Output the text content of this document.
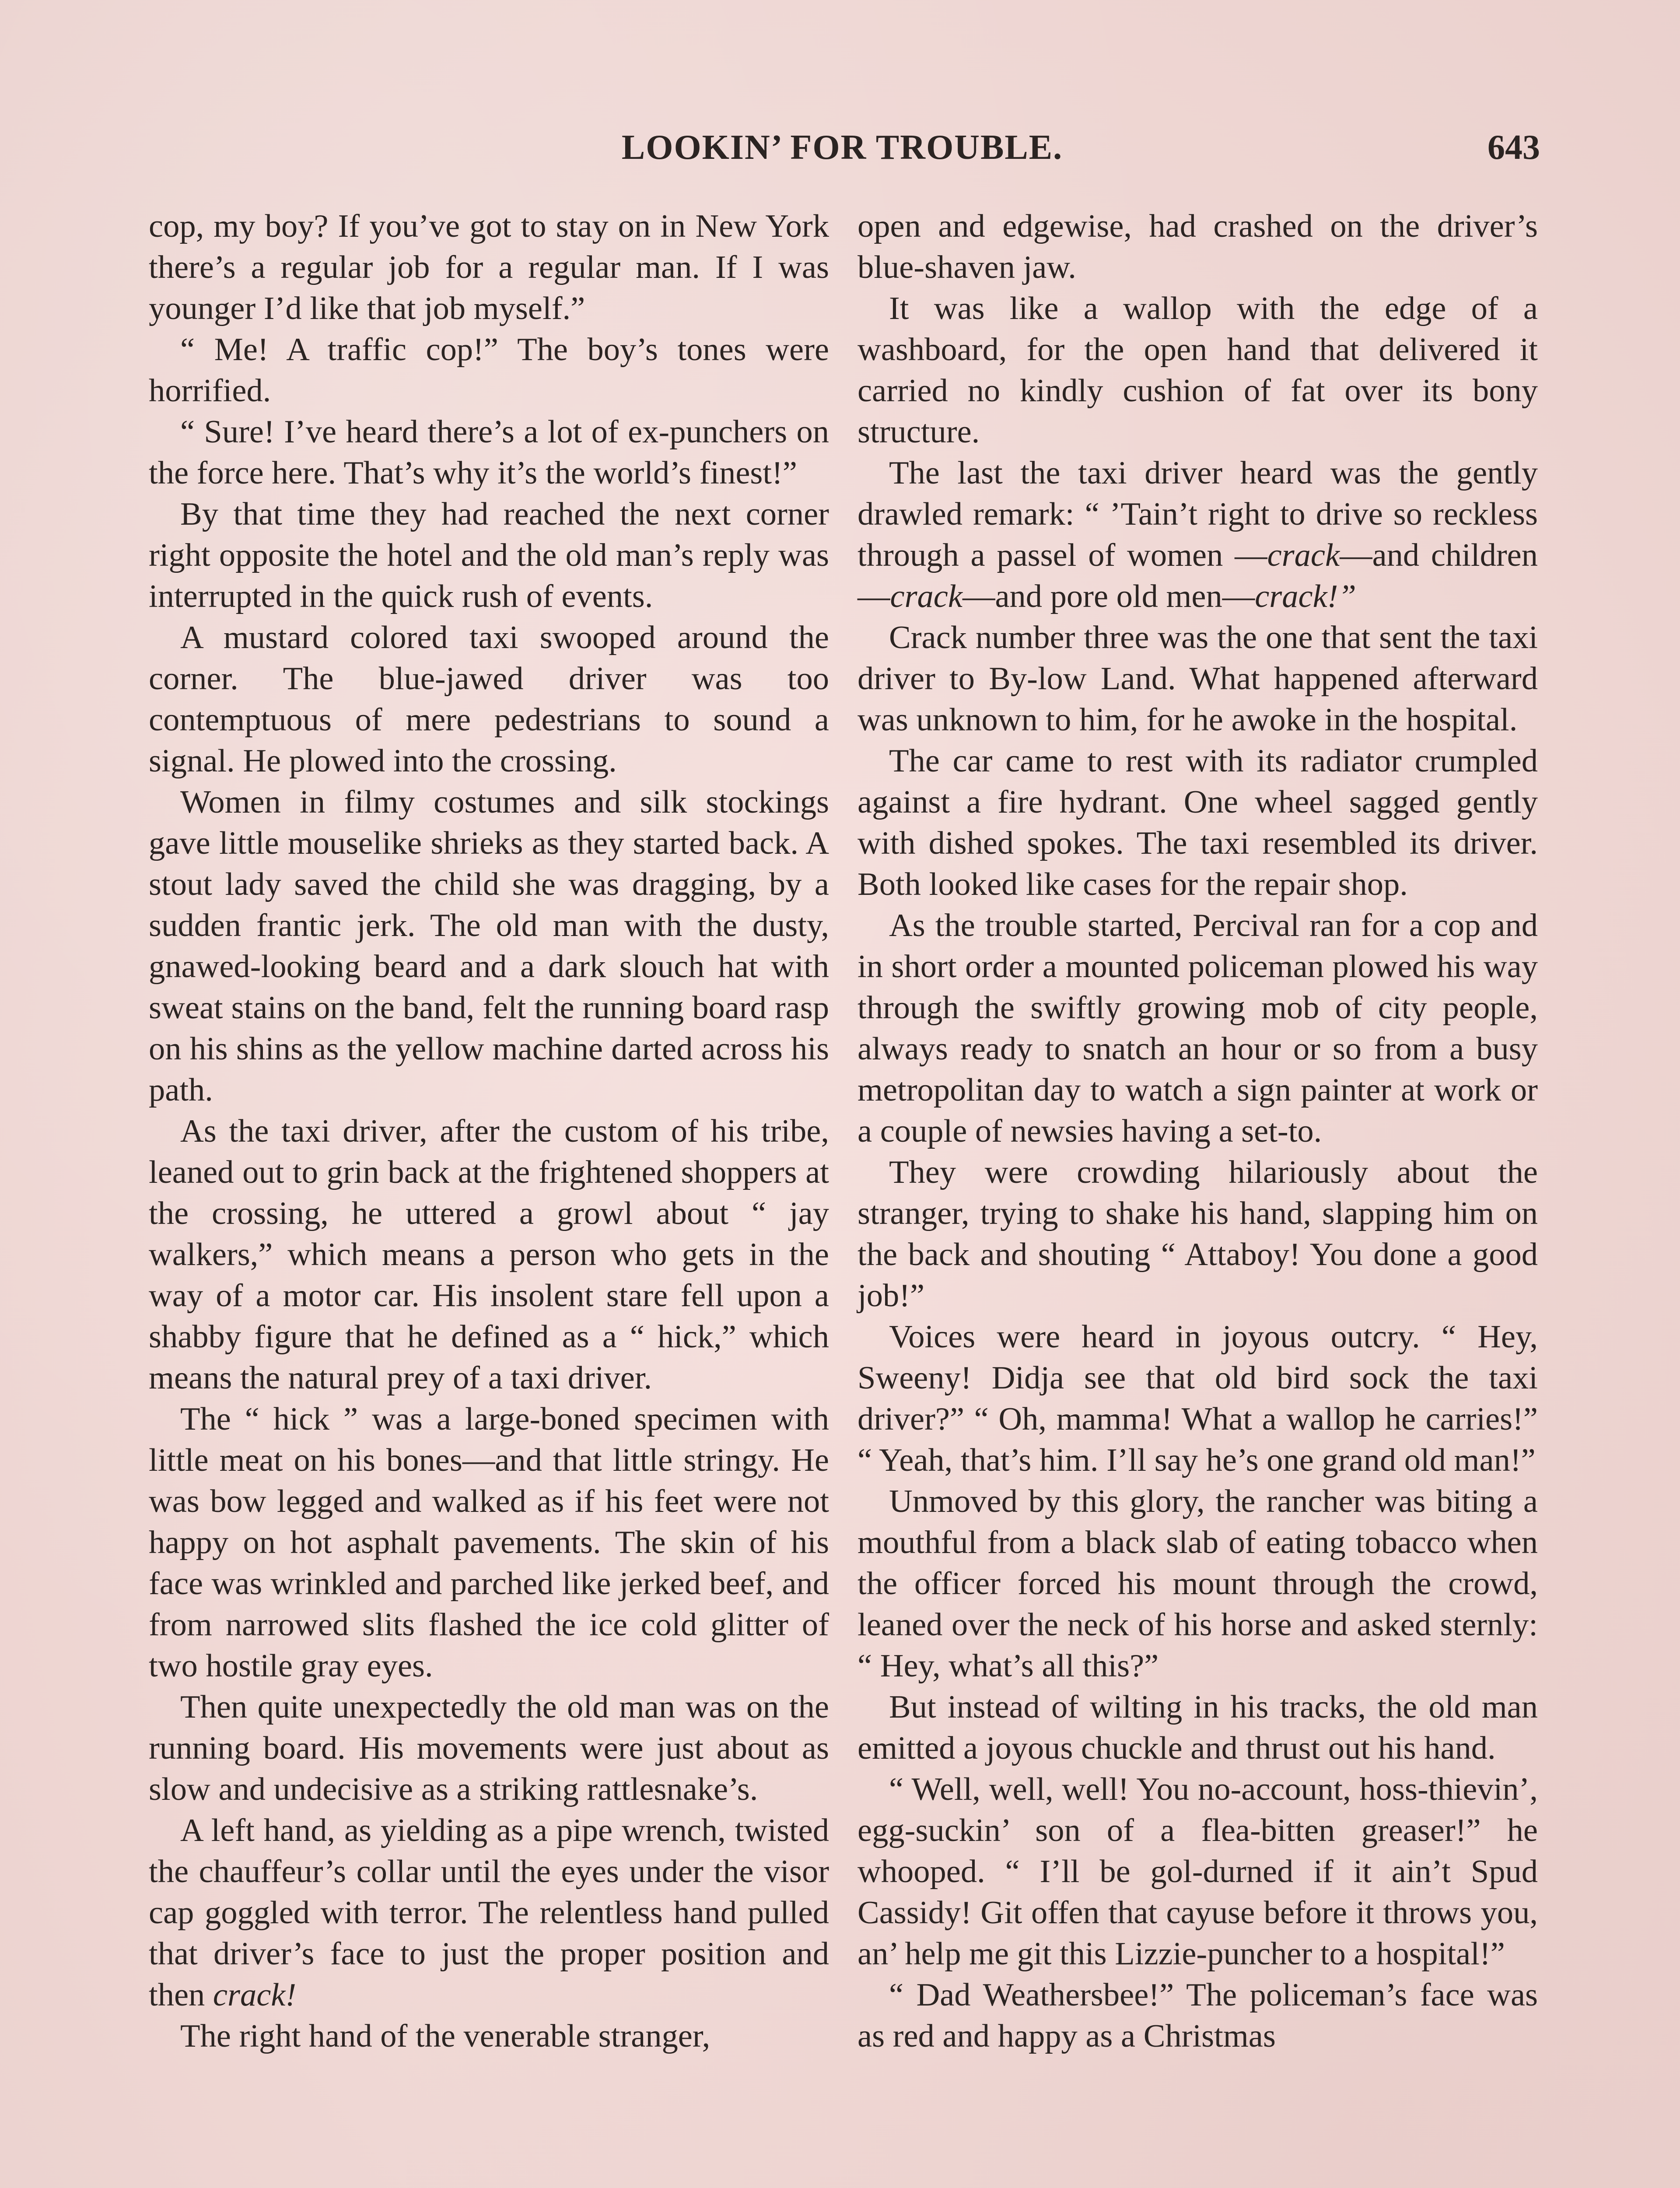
LOOKIN’ FOR TROUBLE.	643

cop, my boy? If you’ve got to stay on in New York there’s a regular job for a regular man. If I was younger I’d like that job myself.”

“ Me! A traffic cop!” The boy’s tones were horrified.

“ Sure! I’ve heard there’s a lot of ex-punchers on the force here. That’s why it’s the world’s finest!”

By that time they had reached the next corner right opposite the hotel and the old man’s reply was interrupted in the quick rush of events.

A mustard colored taxi swooped around the corner. The blue-jawed driver was too contemptuous of mere pedestrians to sound a signal. He plowed into the crossing.

Women in filmy costumes and silk stockings gave little mouselike shrieks as they started back. A stout lady saved the child she was dragging, by a sudden frantic jerk. The old man with the dusty, gnawed-looking beard and a dark slouch hat with sweat stains on the band, felt the running board rasp on his shins as the yellow machine darted across his path.

As the taxi driver, after the custom of his tribe, leaned out to grin back at the frightened shoppers at the crossing, he uttered a growl about “ jay walkers,” which means a person who gets in the way of a motor car. His insolent stare fell upon a shabby figure that he defined as a “ hick,” which means the natural prey of a taxi driver.

The “ hick ” was a large-boned specimen with little meat on his bones—and that little stringy. He was bow legged and walked as if his feet were not happy on hot asphalt pavements. The skin of his face was wrinkled and parched like jerked beef, and from narrowed slits flashed the ice cold glitter of two hostile gray eyes.

Then quite unexpectedly the old man was on the running board. His movements were just about as slow and undecisive as a striking rattlesnake’s.

A left hand, as yielding as a pipe wrench, twisted the chauffeur’s collar until the eyes under the visor cap goggled with terror. The relentless hand pulled that driver’s face to just the proper position and then crack!

The right hand of the venerable stranger,

open and edgewise, had crashed on the driver’s blue-shaven jaw.

It was like a wallop with the edge of a washboard, for the open hand that delivered it carried no kindly cushion of fat over its bony structure.

The last the taxi driver heard was the gently drawled remark: “ ’Tain’t right to drive so reckless through a passel of women —crack—and children—crack—and pore old men—crack!”

Crack number three was the one that sent the taxi driver to By-low Land. What happened afterward was unknown to him, for he awoke in the hospital.

The car came to rest with its radiator crumpled against a fire hydrant. One wheel sagged gently with dished spokes. The taxi resembled its driver. Both looked like cases for the repair shop.

As the trouble started, Percival ran for a cop and in short order a mounted policeman plowed his way through the swiftly growing mob of city people, always ready to snatch an hour or so from a busy metropolitan day to watch a sign painter at work or a couple of newsies having a set-to.

They were crowding hilariously about the stranger, trying to shake his hand, slapping him on the back and shouting “ Attaboy! You done a good job!”

Voices were heard in joyous outcry. “ Hey, Sweeny! Didja see that old bird sock the taxi driver?” “ Oh, mamma! What a wallop he carries!” “ Yeah, that’s him. I’ll say he’s one grand old man!”

Unmoved by this glory, the rancher was biting a mouthful from a black slab of eating tobacco when the officer forced his mount through the crowd, leaned over the neck of his horse and asked sternly: “ Hey, what’s all this?”

But instead of wilting in his tracks, the old man emitted a joyous chuckle and thrust out his hand.

“ Well, well, well! You no-account, hoss-thievin’, egg-suckin’ son of a flea-bitten greaser!” he whooped. “ I’ll be gol-durned if it ain’t Spud Cassidy! Git offen that cayuse before it throws you, an’ help me git this Lizzie-puncher to a hospital!”

“ Dad Weathersbee!” The policeman’s face was as red and happy as a Christmas
